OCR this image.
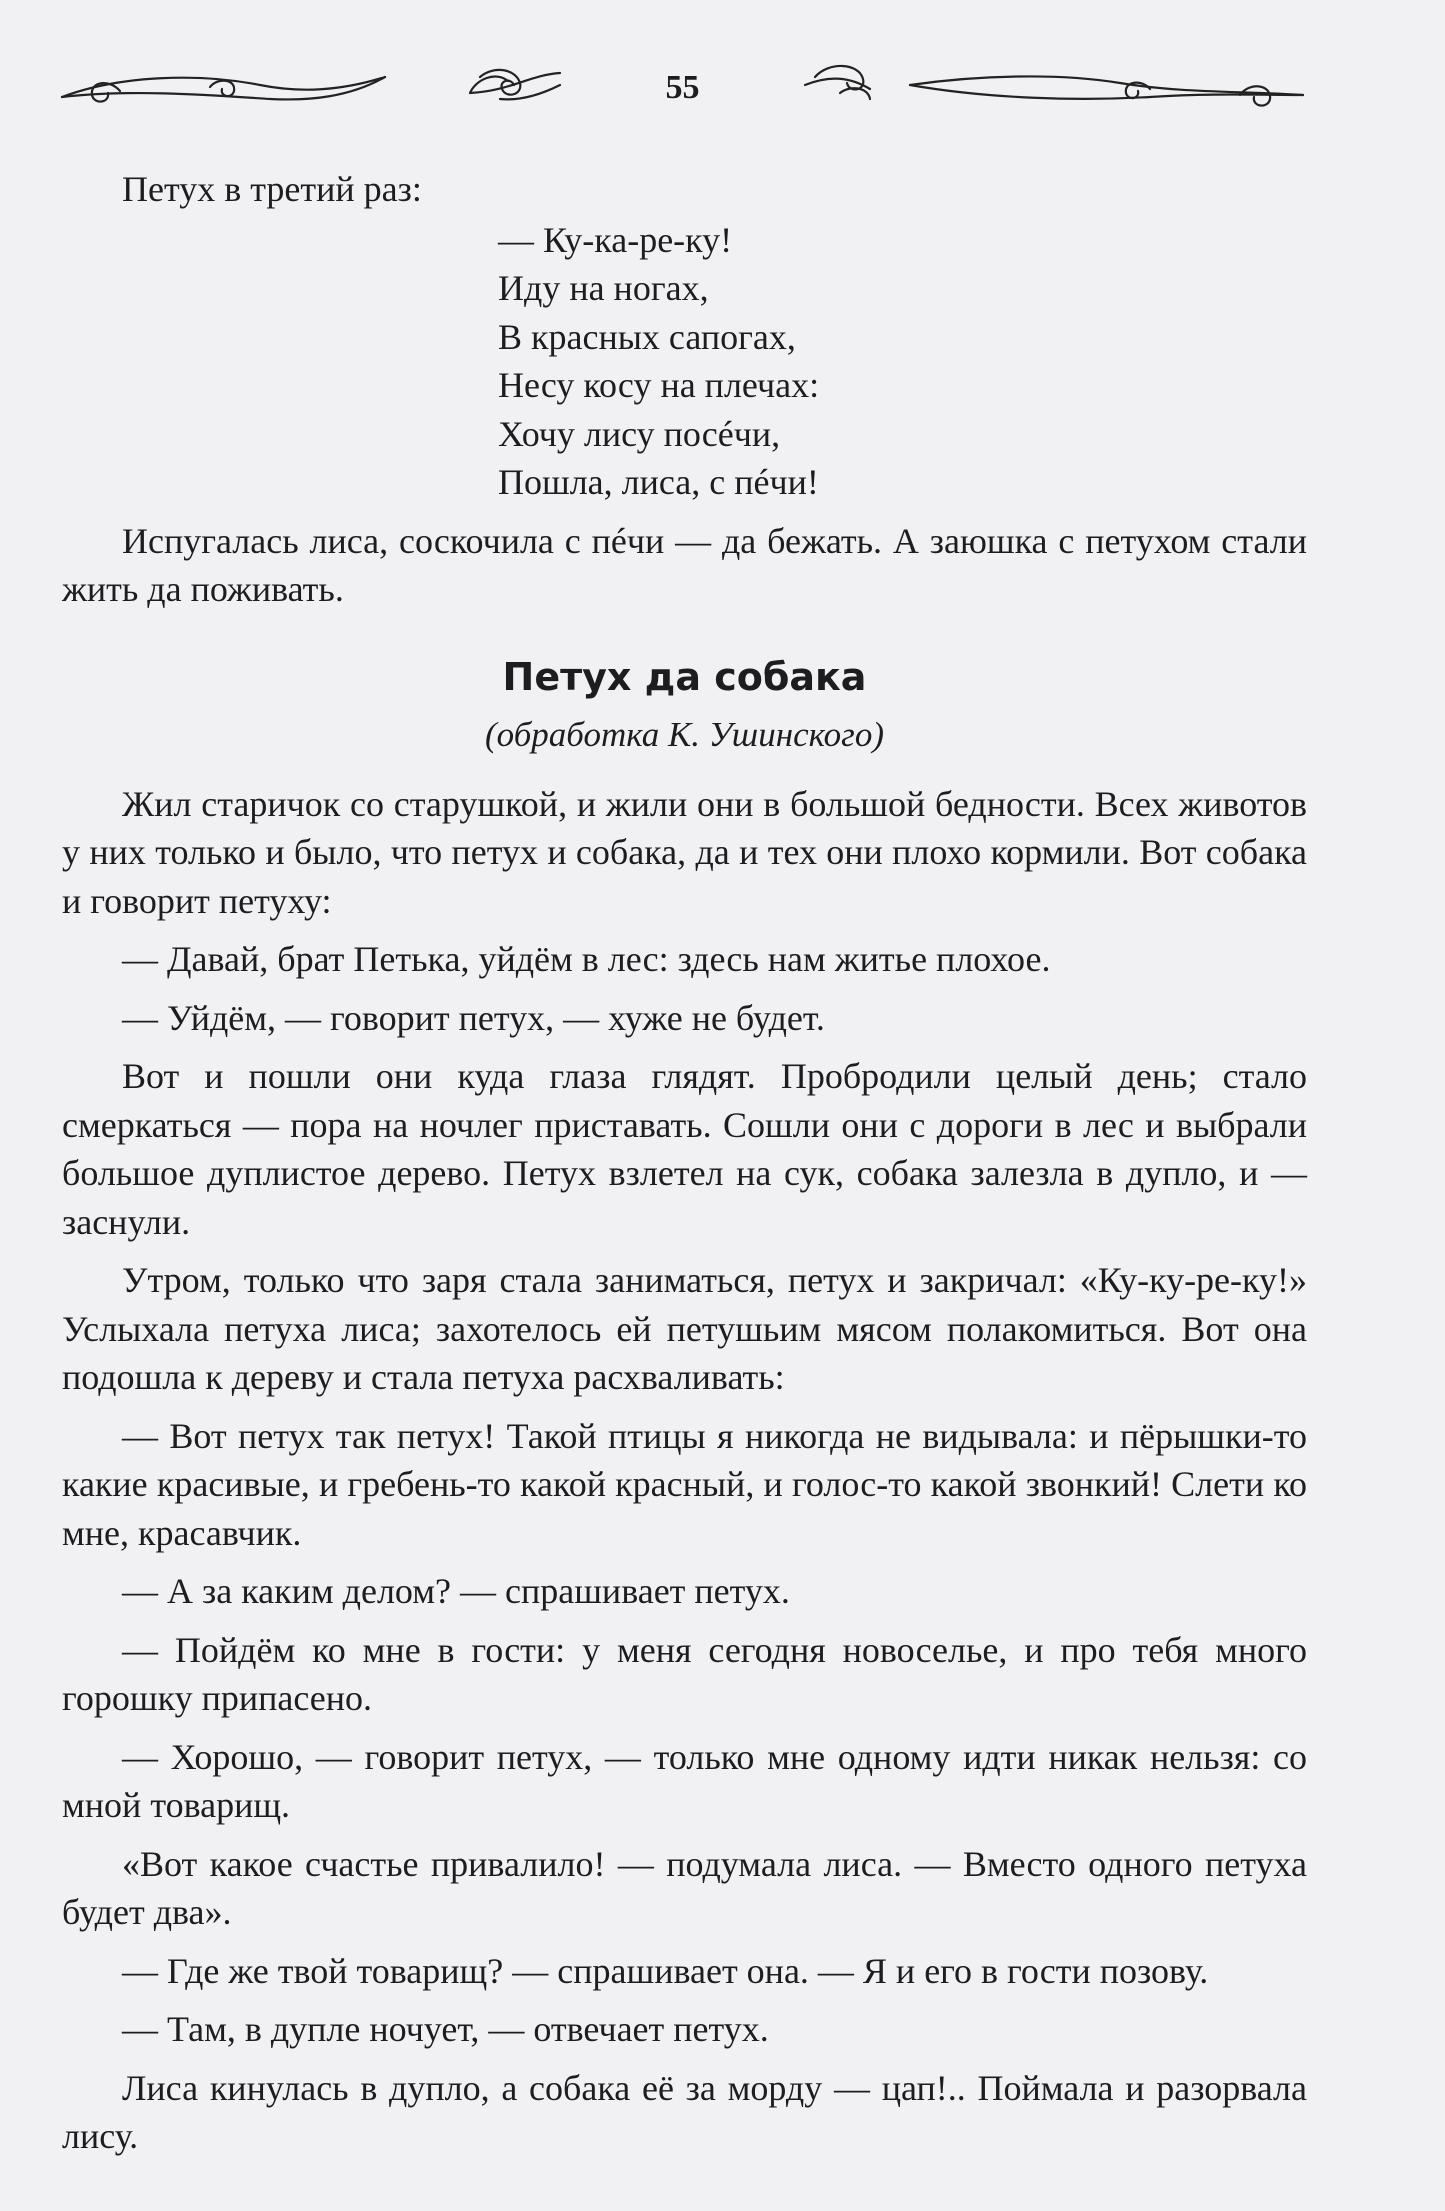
55

Петух в третий раз:

— Ку-ка-ре-ку!
Иду на ногах,
В красных сапогах,
Несу косу на плечах:
Хочу лису посéчи,
Пошла, лиса, с пéчи!

Испугалась лиса, соскочила с пéчи — да бежать. А заюшка с петухом стали жить да поживать.

Петух да собака
(обработка К. Ушинского)

Жил старичок со старушкой, и жили они в большой бедности. Всех животов у них только и было, что петух и собака, да и тех они плохо кормили. Вот собака и говорит петуху:

— Давай, брат Петька, уйдём в лес: здесь нам житье плохое.

— Уйдём, — говорит петух, — хуже не будет.

Вот и пошли они куда глаза глядят. Пробродили целый день; стало смеркаться — пора на ночлег приставать. Сошли они с дороги в лес и выбрали большое дуплистое дерево. Петух взлетел на сук, собака залезла в дупло, и — заснули.

Утром, только что заря стала заниматься, петух и закричал: «Ку-ку-ре-ку!» Услыхала петуха лиса; захотелось ей петушьим мясом полакомиться. Вот она подошла к дереву и стала петуха расхваливать:

— Вот петух так петух! Такой птицы я никогда не видывала: и пёрышки-то какие красивые, и гребень-то какой красный, и голос-то какой звонкий! Слети ко мне, красавчик.

— А за каким делом? — спрашивает петух.

— Пойдём ко мне в гости: у меня сегодня новоселье, и про тебя много горошку припасено.

— Хорошо, — говорит петух, — только мне одному идти никак нельзя: со мной товарищ.

«Вот какое счастье привалило! — подумала лиса. — Вместо одного петуха будет два».

— Где же твой товарищ? — спрашивает она. — Я и его в гости позову.

— Там, в дупле ночует, — отвечает петух.

Лиса кинулась в дупло, а собака её за морду — цап!.. Поймала и разорвала лису.
